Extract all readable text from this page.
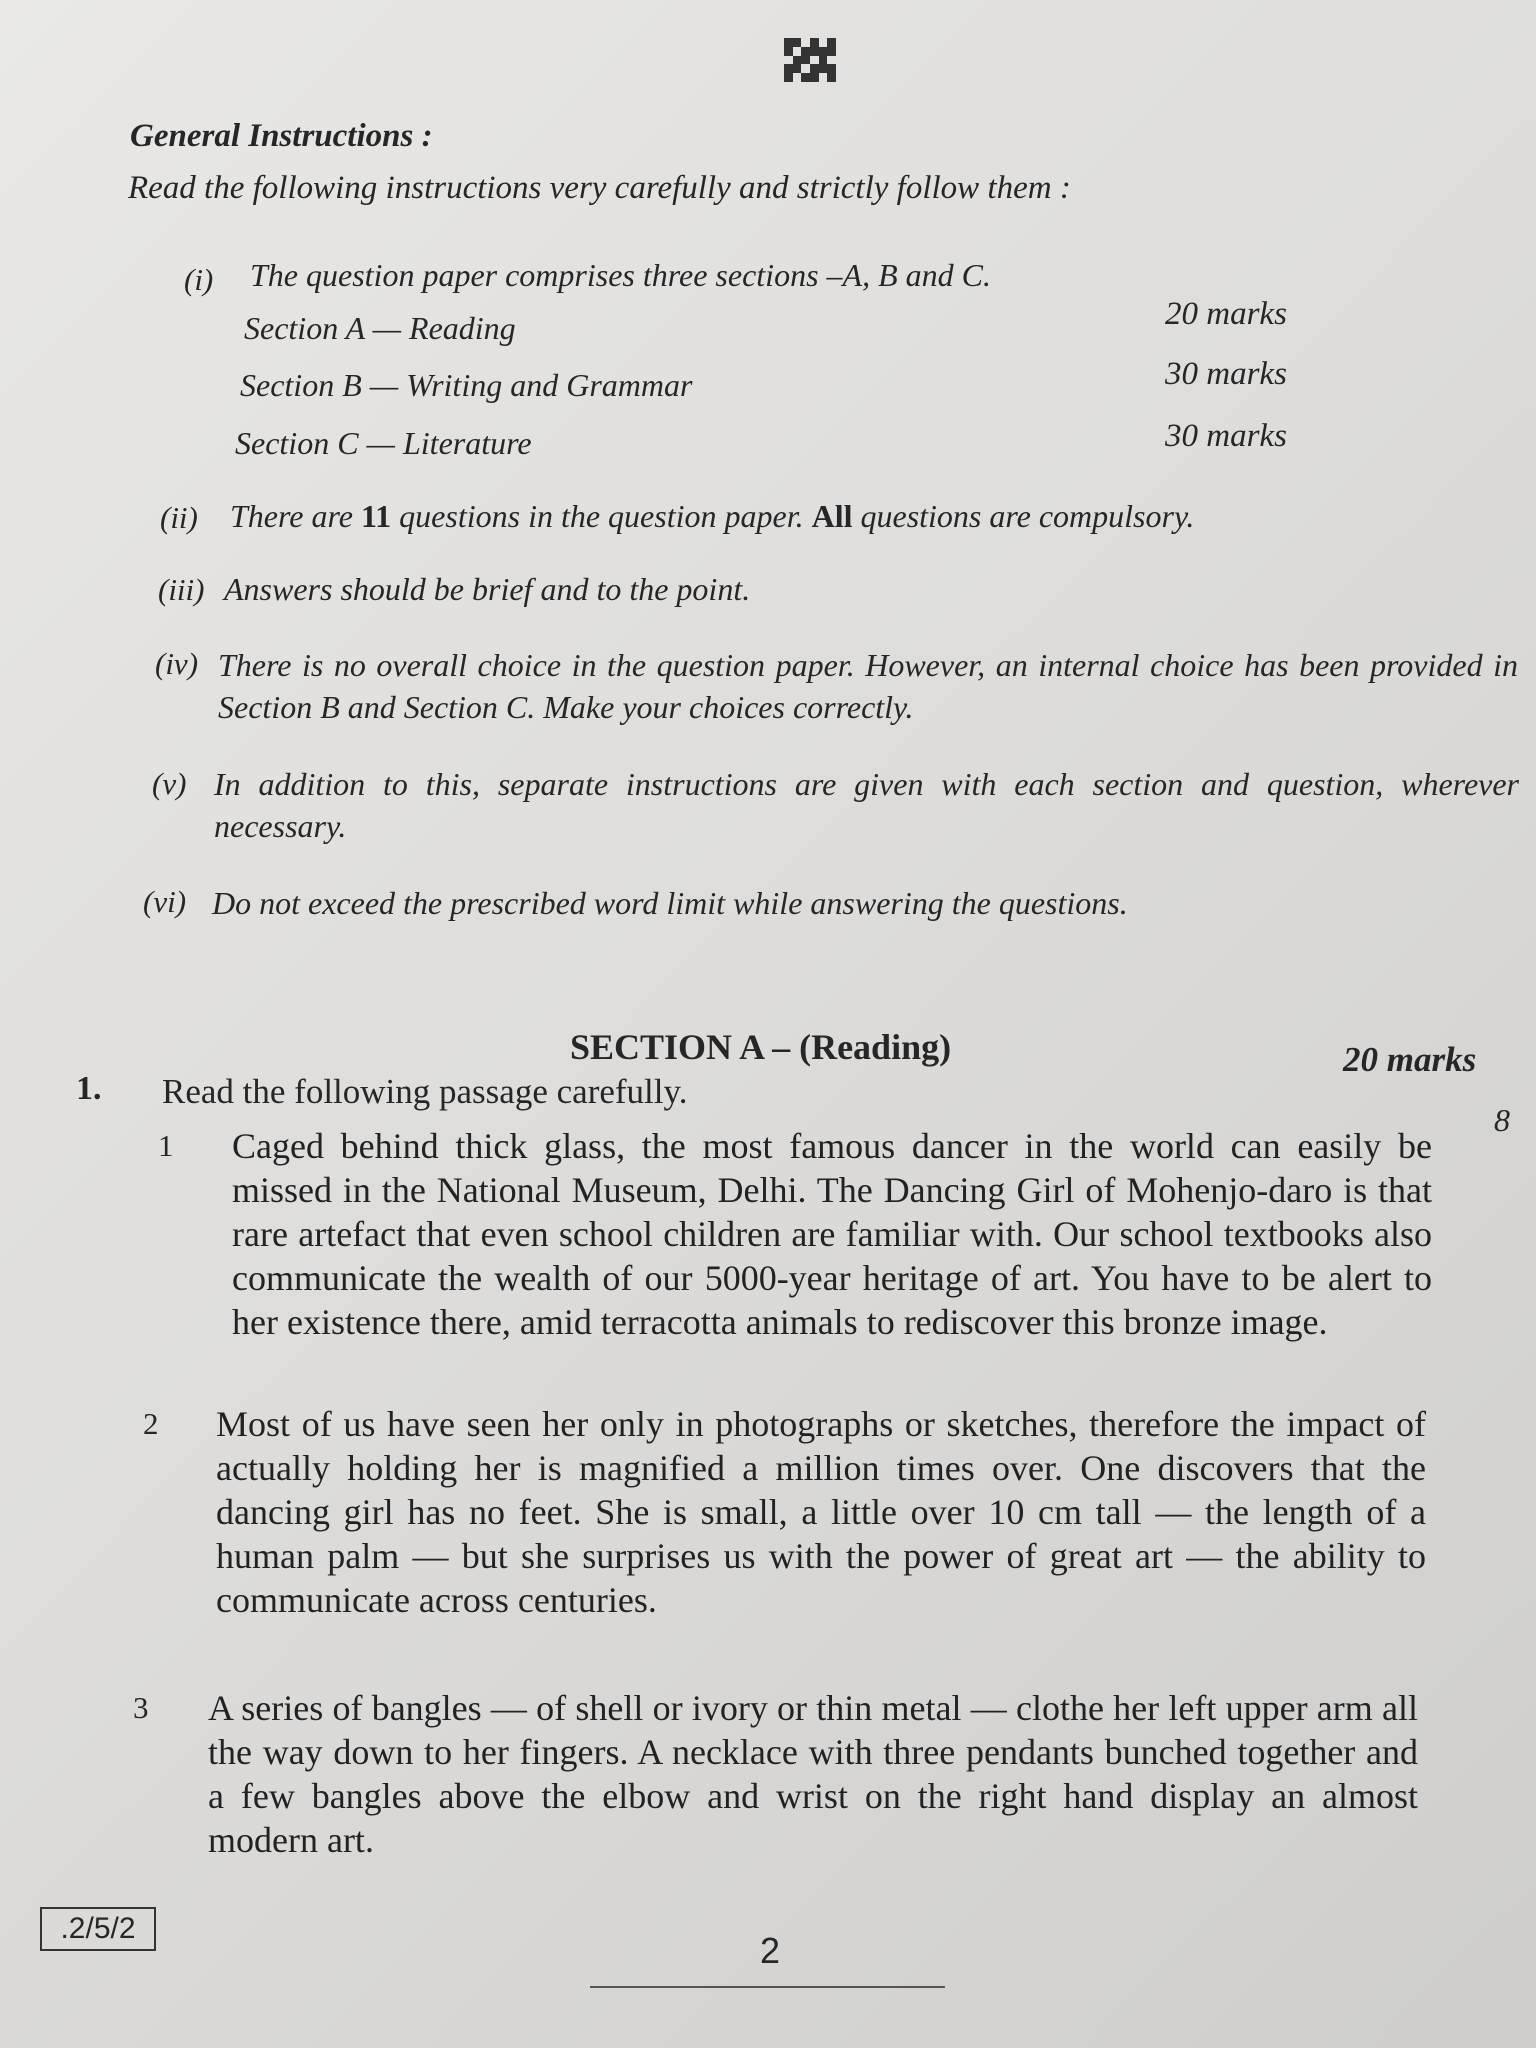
General Instructions :
Read the following instructions very carefully and strictly follow them :
(i) The question paper comprises three sections –A, B and C.
Section A — Reading	20 marks
Section B — Writing and Grammar	30 marks
Section C — Literature	30 marks
(ii) There are 11 questions in the question paper. All questions are compulsory.
(iii) Answers should be brief and to the point.
(iv) There is no overall choice in the question paper. However, an internal choice has been provided in Section B and Section C. Make your choices correctly.
(v) In addition to this, separate instructions are given with each section and question, wherever necessary.
(vi) Do not exceed the prescribed word limit while answering the questions.
SECTION A – (Reading)	20 marks
1. Read the following passage carefully.
8
1 Caged behind thick glass, the most famous dancer in the world can easily be missed in the National Museum, Delhi. The Dancing Girl of Mohenjo-daro is that rare artefact that even school children are familiar with. Our school textbooks also communicate the wealth of our 5000-year heritage of art. You have to be alert to her existence there, amid terracotta animals to rediscover this bronze image.
2 Most of us have seen her only in photographs or sketches, therefore the impact of actually holding her is magnified a million times over. One discovers that the dancing girl has no feet. She is small, a little over 10 cm tall — the length of a human palm — but she surprises us with the power of great art — the ability to communicate across centuries.
3 A series of bangles — of shell or ivory or thin metal — clothe her left upper arm all the way down to her fingers. A necklace with three pendants bunched together and a few bangles above the elbow and wrist on the right hand display an almost modern art.
.2/5/2
2
